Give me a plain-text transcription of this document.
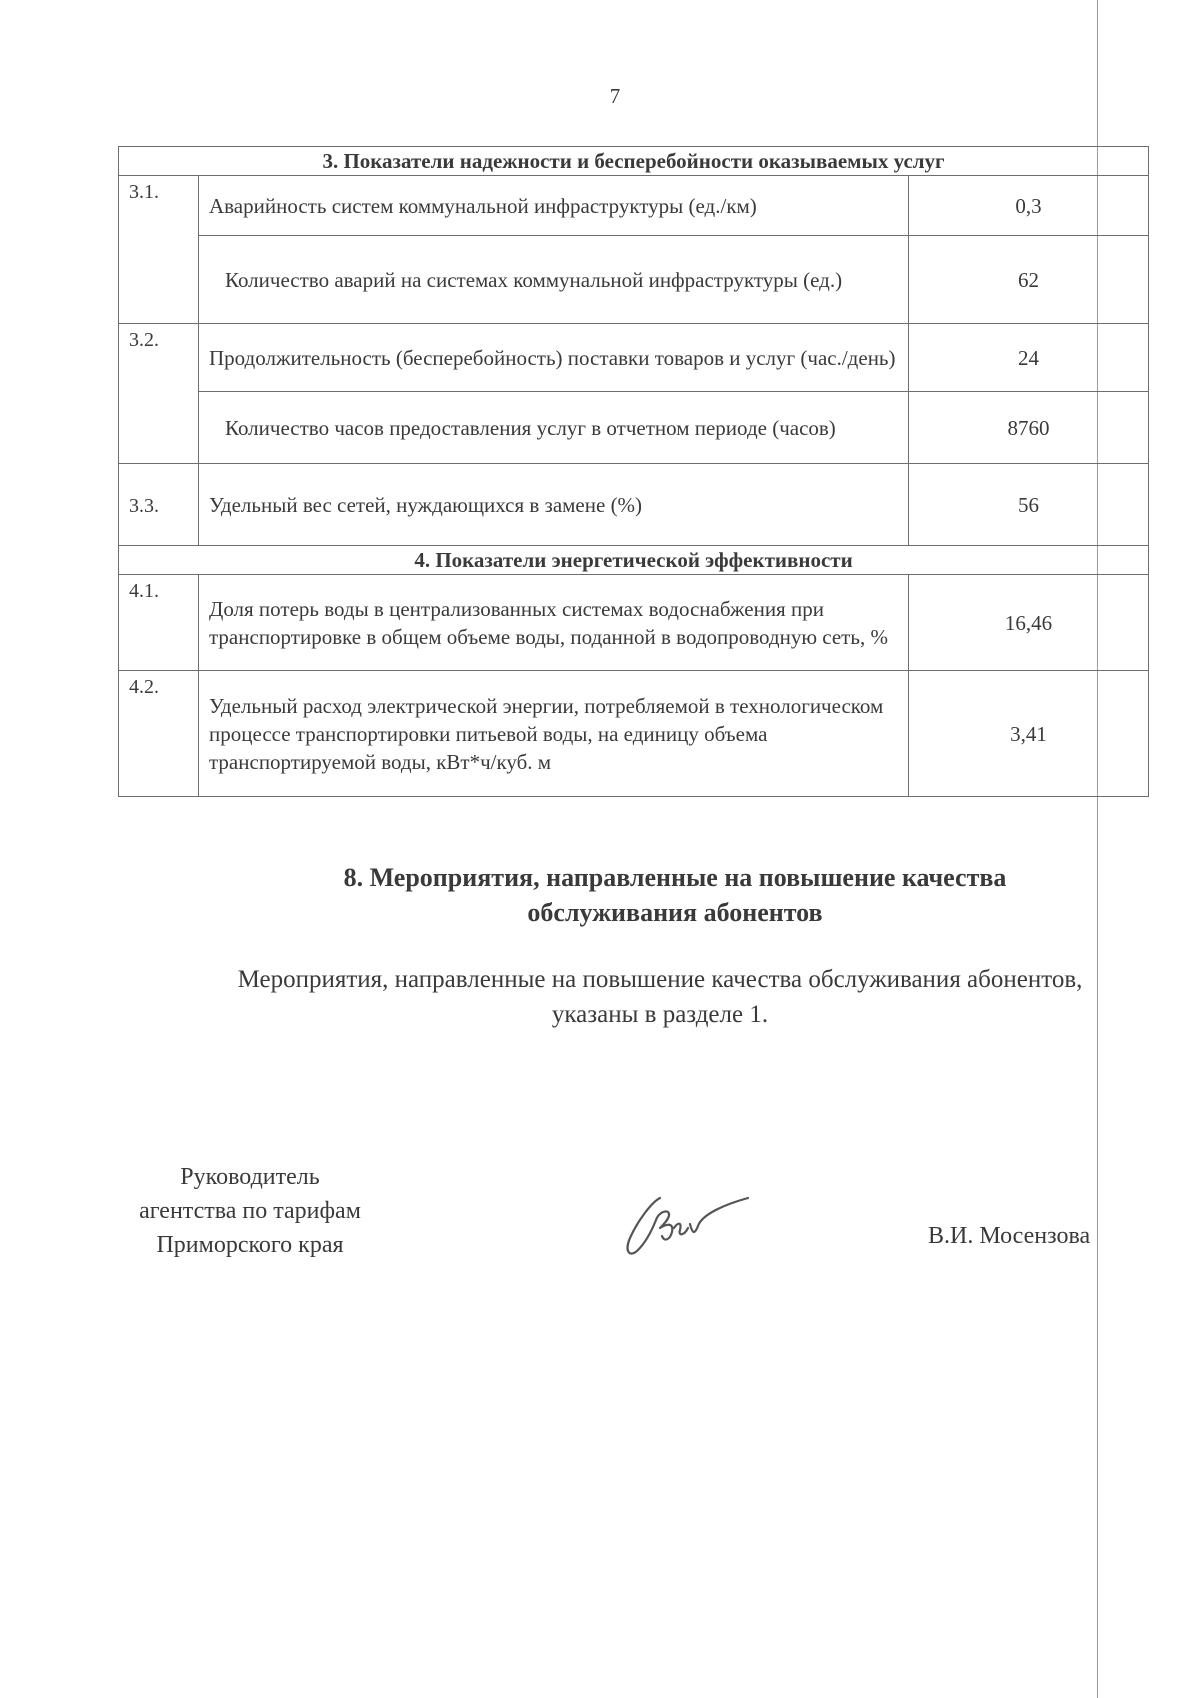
7
3. Показатели надежности и бесперебойности оказываемых услуг		
3.1.	Аварийность систем коммунальной инфраструктуры (ед./км)	0,3
	Количество аварий на системах коммунальной инфраструктуры (ед.)	62
3.2.	Продолжительность (бесперебойность) поставки товаров и услуг (час./день)	24
	Количество часов предоставления услуг в отчетном периоде (часов)	8760
3.3.	Удельный вес сетей, нуждающихся в замене (%)	56
4. Показатели энергетической эффективности		
4.1.	Доля потерь воды в централизованных системах водоснабжения при транспортировке в общем объеме воды, поданной в водопроводную сеть, %	16,46
4.2.	Удельный расход электрической энергии, потребляемой в технологическом процессе транспортировки питьевой воды, на единицу объема транспортируемой воды, кВт*ч/куб. м	3,41
8. Мероприятия, направленные на повышение качества
обслуживания абонентов
Мероприятия, направленные на повышение качества обслуживания абонентов,
указаны в разделе 1.
Руководитель
агентства по тарифам
Приморского края	В.И. Мосензова
